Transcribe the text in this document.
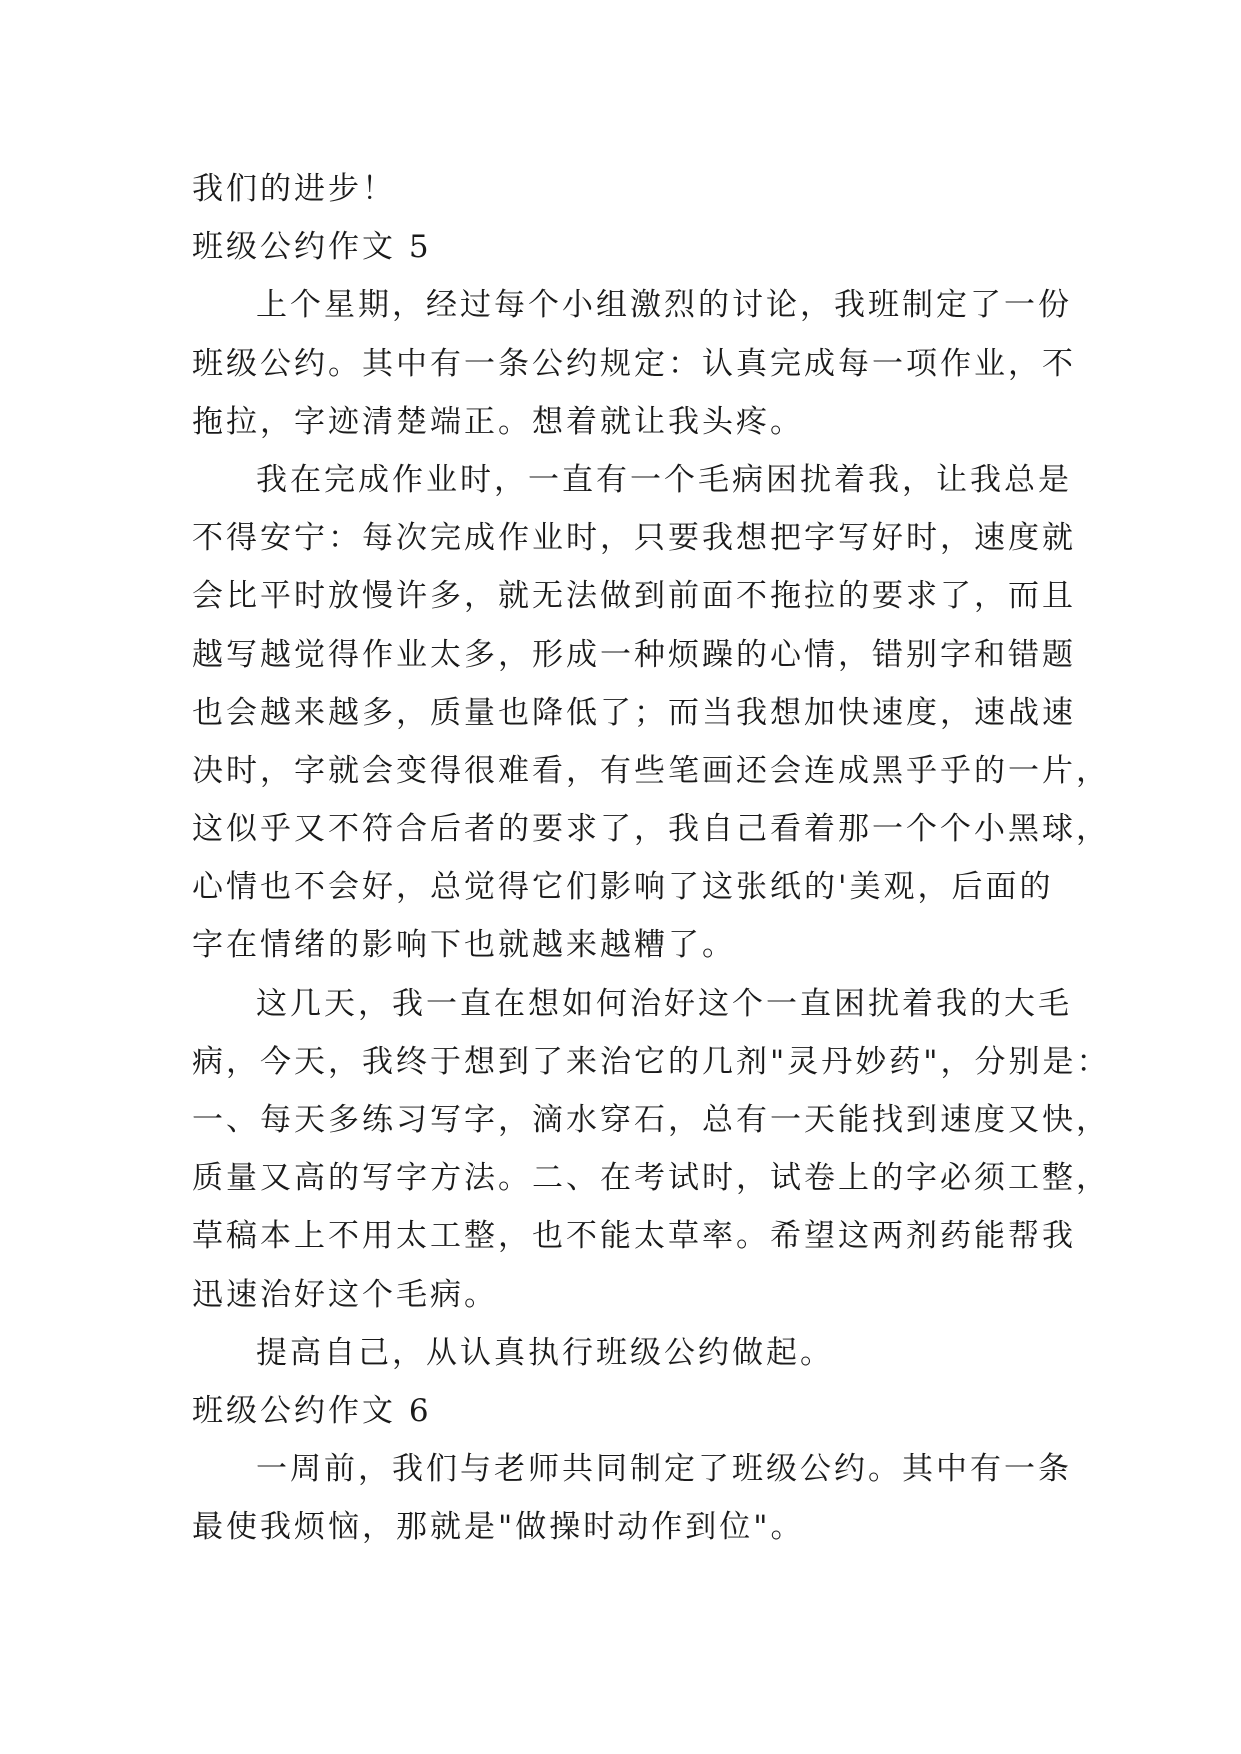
我们的进步！
班级公约作文 5
上个星期，经过每个小组激烈的讨论，我班制定了一份
班级公约。其中有一条公约规定：认真完成每一项作业，不
拖拉，字迹清楚端正。想着就让我头疼。
我在完成作业时，一直有一个毛病困扰着我，让我总是
不得安宁：每次完成作业时，只要我想把字写好时，速度就
会比平时放慢许多，就无法做到前面不拖拉的要求了，而且
越写越觉得作业太多，形成一种烦躁的心情，错别字和错题
也会越来越多，质量也降低了；而当我想加快速度，速战速
决时，字就会变得很难看，有些笔画还会连成黑乎乎的一片，
这似乎又不符合后者的要求了，我自己看着那一个个小黑球，
心情也不会好，总觉得它们影响了这张纸的'美观，后面的
字在情绪的影响下也就越来越糟了。
这几天，我一直在想如何治好这个一直困扰着我的大毛
病，今天，我终于想到了来治它的几剂"灵丹妙药"，分别是：
一、每天多练习写字，滴水穿石，总有一天能找到速度又快，
质量又高的写字方法。二、在考试时，试卷上的字必须工整，
草稿本上不用太工整，也不能太草率。希望这两剂药能帮我
迅速治好这个毛病。
提高自己，从认真执行班级公约做起。
班级公约作文 6
一周前，我们与老师共同制定了班级公约。其中有一条
最使我烦恼，那就是"做操时动作到位"。
